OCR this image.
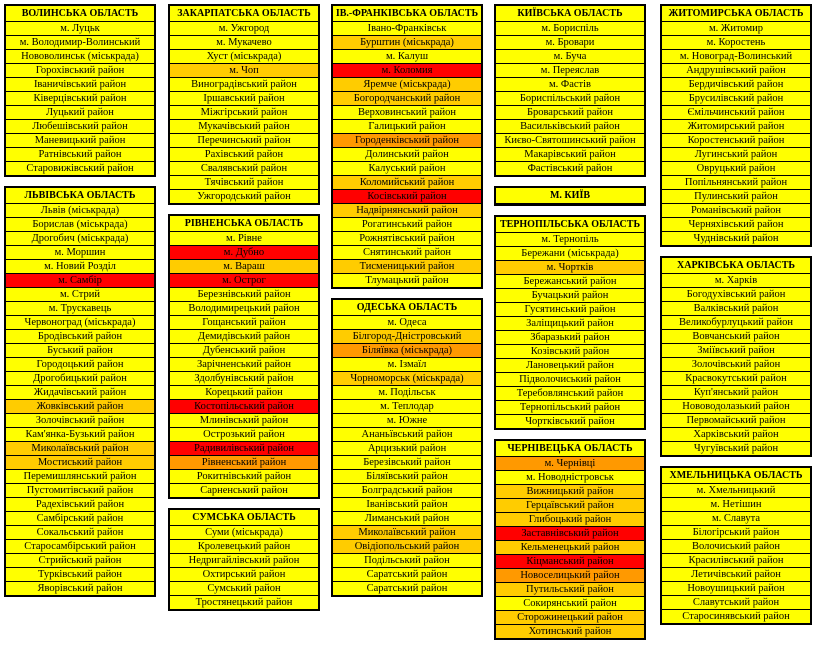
ВОЛИНСЬКА ОБЛАСТЬ
м. Луцьк
м. Володимир-Волинський
Нововолинськ (міськрада)
Горохівський район
Іваничівський район
Ківерцівський район
Луцький район
Любешівський район
Маневицький район
Ратнівський район
Старовижівський район
ЛЬВІВСЬКА ОБЛАСТЬ
Львів (міськрада)
Борислав (міськрада)
Дрогобич (міськрада)
м. Моршин
м. Новий Розділ
м. Самбір
м. Стрий
м. Трускавець
Червоноград (міськрада)
Бродівський район
Буський район
Городоцький район
Дрогобицький район
Жидачівський район
Жовківський район
Золочівський район
Кам'янка-Бузький район
Миколаївський район
Мостиський район
Перемишлянський район
Пустомитівський район
Радехівський район
Самбірський район
Сокальський район
Старосамбірський район
Стрийський район
Турківський район
Яворівський район
ЗАКАРПАТСЬКА ОБЛАСТЬ
м. Ужгород
м. Мукачево
Хуст (міськрада)
м. Чоп
Виноградівський район
Іршавський район
Міжгірський район
Мукачівський район
Перечинський район
Рахівський район
Свалявський район
Тячівський район
Ужгородський район
РІВНЕНСЬКА ОБЛАСТЬ
м. Рівне
м. Дубно
м. Вараш
м. Острог
Березнівський район
Володимирецький район
Гощанський район
Демидівський район
Дубенський район
Зарічненський район
Здолбунівський район
Корецький район
Костопільський район
Млинівський район
Острозький район
Радивилівський район
Рівненський район
Рокитнівський район
Сарненський район
СУМСЬКА ОБЛАСТЬ
Суми (міськрада)
Кролевецький район
Недригайлівський район
Охтирський район
Сумський район
Тростянецький район
ІВ.-ФРАНКІВСЬКА ОБЛАСТЬ
Івано-Франківськ
Бурштин (міськрада)
м. Калуш
м. Коломия
Яремче (міськрада)
Богородчанський район
Верховинський район
Галицький район
Городенківський район
Долинський район
Калуський район
Коломийський район
Косівський район
Надвірнянський район
Рогатинський район
Рожнятівський район
Снятинський район
Тисменицький район
Тлумацький район
ОДЕСЬКА ОБЛАСТЬ
м. Одеса
Білгород-Дністровський
Біляївка (міськрада)
м. Ізмаїл
Чорноморськ (міськрада)
м. Подільськ
м. Теплодар
м. Южне
Ананьївський район
Арцизький район
Березівський район
Біляївський район
Болградський район
Іванівський район
Лиманський район
Миколаївський район
Овідіопольський район
Подільський район
Саратський район
Саратський район
КИЇВСЬКА ОБЛАСТЬ
м. Бориспіль
м. Бровари
м. Буча
м. Переяслав
м. Фастів
Бориспільський район
Броварський район
Васильківський район
Києво-Святошинський район
Макарівський район
Фастівський район
М. КИЇВ
ТЕРНОПІЛЬСЬКА ОБЛАСТЬ
м. Тернопіль
Бережани (міськрада)
м. Чортків
Бережанський район
Бучацький район
Гусятинський район
Заліщицький район
Збаразький район
Козівський район
Лановецький район
Підволочиський район
Теребовлянський район
Тернопільський район
Чортківський район
ЧЕРНІВЕЦЬКА ОБЛАСТЬ
м. Чернівці
м. Новодністровськ
Вижницький район
Герцаївський район
Глибоцький район
Заставнівський район
Кельменецький район
Кіцманський район
Новоселицький район
Путильський район
Сокирянський район
Сторожинецький район
Хотинський район
ЖИТОМИРСЬКА ОБЛАСТЬ
м. Житомир
м. Коростень
м. Новоград-Волинський
Андрушівський район
Бердичівський район
Брусилівський район
Ємільчинський район
Житомирський район
Коростенський район
Лугинський район
Овруцький район
Попільнянський район
Пулинський район
Романівський район
Черняхівський район
Чуднівський район
ХАРКІВСЬКА ОБЛАСТЬ
м. Харків
Богодухівський район
Валківський район
Великобурлуцький район
Вовчанський район
Зміївський район
Золочівський район
Красвокутський район
Куп'янський район
Нововодолазький район
Первомайський район
Харківський район
Чугуївський район
ХМЕЛЬНИЦЬКА ОБЛАСТЬ
м. Хмельницький
м. Нетішин
м. Славута
Білогірський район
Волочиський район
Красилівський район
Летичівський район
Новоушицький район
Славутський район
Старосинявський район
